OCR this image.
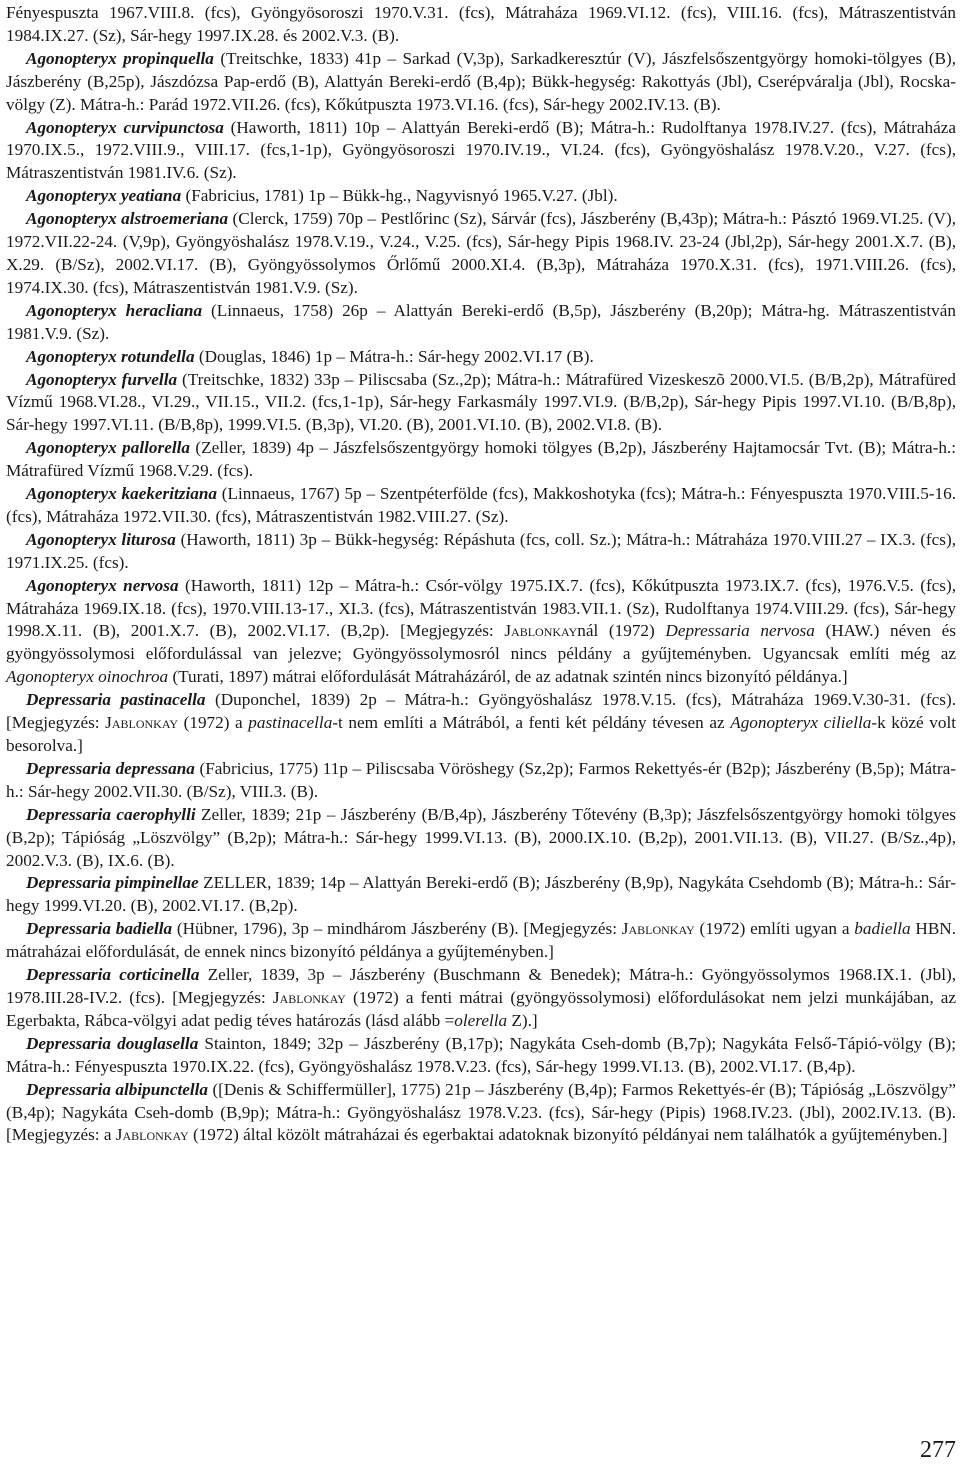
Fényespuszta 1967.VIII.8. (fcs), Gyöngyösoroszi 1970.V.31. (fcs), Mátraháza 1969.VI.12. (fcs), VIII.16. (fcs), Mátraszentistván 1984.IX.27. (Sz), Sár-hegy 1997.IX.28. és 2002.V.3. (B).

Agonopteryx propinquella (Treitschke, 1833) 41p – Sarkad (V,3p), Sarkadkeresztúr (V), Jászfelsőszentgyörgy homoki-tölgyes (B), Jászberény (B,25p), Jászdózsa Pap-erdő (B), Alattyán Bereki-erdő (B,4p); Bükk-hegység: Rakottyás (Jbl), Cserépváralja (Jbl), Rocska-völgy (Z). Mátra-h.: Parád 1972.VII.26. (fcs), Kőkútpuszta 1973.VI.16. (fcs), Sár-hegy 2002.IV.13. (B).

Agonopteryx curvipunctosa (Haworth, 1811) 10p – Alattyán Bereki-erdő (B); Mátra-h.: Rudolftanya 1978.IV.27. (fcs), Mátraháza 1970.IX.5., 1972.VIII.9., VIII.17. (fcs,1-1p), Gyöngyösoroszi 1970.IV.19., VI.24. (fcs), Gyöngyöshalász 1978.V.20., V.27. (fcs), Mátraszentistván 1981.IV.6. (Sz).

Agonopteryx yeatiana (Fabricius, 1781) 1p – Bükk-hg., Nagyvisnyó 1965.V.27. (Jbl).

Agonopteryx alstroemeriana (Clerck, 1759) 70p – Pestlőrinc (Sz), Sárvár (fcs), Jászberény (B,43p); Mátra-h.: Pásztó 1969.VI.25. (V), 1972.VII.22-24. (V,9p), Gyöngyöshalász 1978.V.19., V.24., V.25. (fcs), Sár-hegy Pipis 1968.IV. 23-24 (Jbl,2p), Sár-hegy 2001.X.7. (B), X.29. (B/Sz), 2002.VI.17. (B), Gyöngyössolymos Őrlőmű 2000.XI.4. (B,3p), Mátraháza 1970.X.31. (fcs), 1971.VIII.26. (fcs), 1974.IX.30. (fcs), Mátraszentistván 1981.V.9. (Sz).

Agonopteryx heracliana (Linnaeus, 1758) 26p – Alattyán Bereki-erdő (B,5p), Jászberény (B,20p); Mátra-hg. Mátraszentistván 1981.V.9. (Sz).

Agonopteryx rotundella (Douglas, 1846) 1p – Mátra-h.: Sár-hegy 2002.VI.17 (B).

Agonopteryx furvella (Treitschke, 1832) 33p – Piliscsaba (Sz.,2p); Mátra-h.: Mátrafüred Vizeskeszõ 2000.VI.5. (B/B,2p), Mátrafüred Vízmű 1968.VI.28., VI.29., VII.15., VII.2. (fcs,1-1p), Sár-hegy Farkasmály 1997.VI.9. (B/B,2p), Sár-hegy Pipis 1997.VI.10. (B/B,8p), Sár-hegy 1997.VI.11. (B/B,8p), 1999.VI.5. (B,3p), VI.20. (B), 2001.VI.10. (B), 2002.VI.8. (B).

Agonopteryx pallorella (Zeller, 1839) 4p – Jászfelsőszentgyörgy homoki tölgyes (B,2p), Jászberény Hajtamocsár Tvt. (B); Mátra-h.: Mátrafüred Vízmű 1968.V.29. (fcs).

Agonopteryx kaekeritziana (Linnaeus, 1767) 5p – Szentpéterfölde (fcs), Makkoshotyka (fcs); Mátra-h.: Fényespuszta 1970.VIII.5-16. (fcs), Mátraháza 1972.VII.30. (fcs), Mátraszentistván 1982.VIII.27. (Sz).

Agonopteryx liturosa (Haworth, 1811) 3p – Bükk-hegység: Répáshuta (fcs, coll. Sz.); Mátra-h.: Mátraháza 1970.VIII.27 – IX.3. (fcs), 1971.IX.25. (fcs).

Agonopteryx nervosa (Haworth, 1811) 12p – Mátra-h.: Csór-völgy 1975.IX.7. (fcs), Kőkútpuszta 1973.IX.7. (fcs), 1976.V.5. (fcs), Mátraháza 1969.IX.18. (fcs), 1970.VIII.13-17., XI.3. (fcs), Mátraszentistván 1983.VII.1. (Sz), Rudolftanya 1974.VIII.29. (fcs), Sár-hegy 1998.X.11. (B), 2001.X.7. (B), 2002.VI.17. (B,2p). [Megjegyzés: Jablonkaynál (1972) Depressaria nervosa (HAW.) néven és gyöngyössolymosi előfordulással van jelezve; Gyöngyössolymosról nincs példány a gyűjteményben. Ugyancsak említi még az Agonopteryx oinochroa (Turati, 1897) mátrai előfordulását Mátraházáról, de az adatnak szintén nincs bizonyító példánya.]

Depressaria pastinacella (Duponchel, 1839) 2p – Mátra-h.: Gyöngyöshalász 1978.V.15. (fcs), Mátraháza 1969.V.30-31. (fcs). [Megjegyzés: Jablonkay (1972) a pastinacella-t nem említi a Mátrából, a fenti két példány tévesen az Agonopteryx ciliella-k közé volt besorolva.]

Depressaria depressana (Fabricius, 1775) 11p – Piliscsaba Vöröshegy (Sz,2p); Farmos Rekettyés-ér (B2p); Jászberény (B,5p); Mátra-h.: Sár-hegy 2002.VII.30. (B/Sz), VIII.3. (B).

Depressaria caerophylli Zeller, 1839; 21p – Jászberény (B/B,4p), Jászberény Tőtevény (B,3p); Jászfelsőszentgyörgy homoki tölgyes (B,2p); Tápióság „Löszvölgy” (B,2p); Mátra-h.: Sár-hegy 1999.VI.13. (B), 2000.IX.10. (B,2p), 2001.VII.13. (B), VII.27. (B/Sz.,4p), 2002.V.3. (B), IX.6. (B).

Depressaria pimpinellae ZELLER, 1839; 14p – Alattyán Bereki-erdő (B); Jászberény (B,9p), Nagykáta Csehdomb (B); Mátra-h.: Sár-hegy 1999.VI.20. (B), 2002.VI.17. (B,2p).

Depressaria badiella (Hübner, 1796), 3p – mindhárom Jászberény (B). [Megjegyzés: Jablonkay (1972) említi ugyan a badiella HBN. mátraházai előfordulását, de ennek nincs bizonyító példánya a gyűjteményben.]

Depressaria corticinella Zeller, 1839, 3p – Jászberény (Buschmann & Benedek); Mátra-h.: Gyöngyössolymos 1968.IX.1. (Jbl), 1978.III.28-IV.2. (fcs). [Megjegyzés: Jablonkay (1972) a fenti mátrai (gyöngyössolymosi) előfordulásokat nem jelzi munkájában, az Egerbakta, Rábca-völgyi adat pedig téves határozás (lásd alább =olerella Z).]

Depressaria douglasella Stainton, 1849; 32p – Jászberény (B,17p); Nagykáta Cseh-domb (B,7p); Nagykáta Felső-Tápió-völgy (B); Mátra-h.: Fényespuszta 1970.IX.22. (fcs), Gyöngyöshalász 1978.V.23. (fcs), Sár-hegy 1999.VI.13. (B), 2002.VI.17. (B,4p).

Depressaria albipunctella ([Denis & Schiffermüller], 1775) 21p – Jászberény (B,4p); Farmos Rekettyés-ér (B); Tápióság „Löszvölgy” (B,4p); Nagykáta Cseh-domb (B,9p); Mátra-h.: Gyöngyöshalász 1978.V.23. (fcs), Sár-hegy (Pipis) 1968.IV.23. (Jbl), 2002.IV.13. (B). [Megjegyzés: a Jablonkay (1972) által közölt mátraházai és egerbaktai adatoknak bizonyító példányai nem találhatók a gyűjteményben.]

277
